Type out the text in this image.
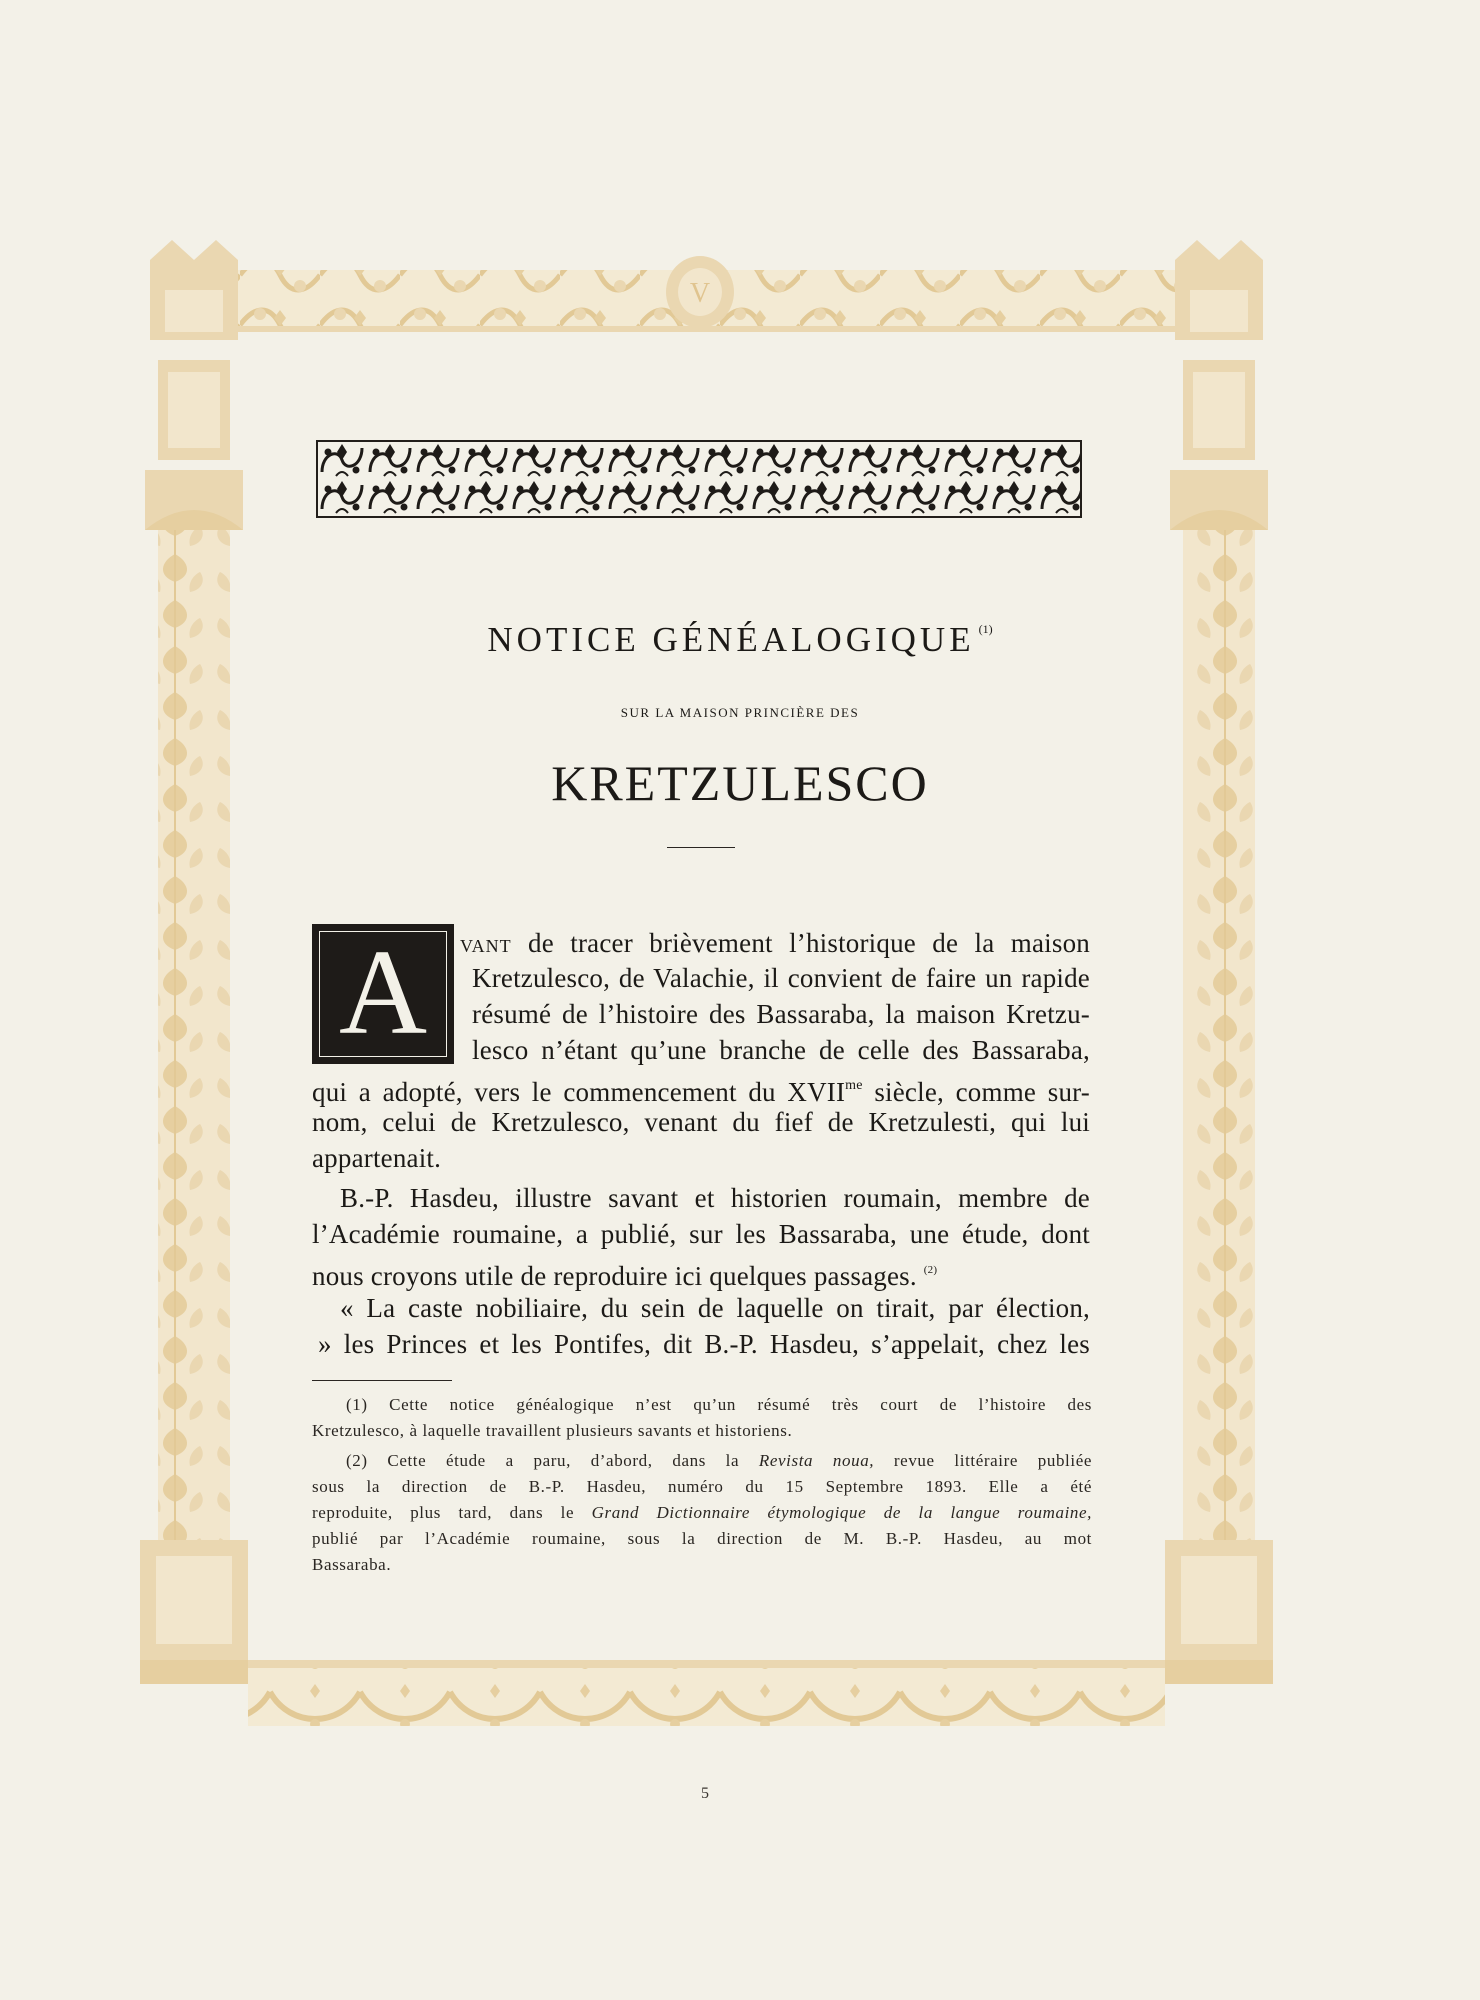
V
NOTICE GÉNÉALOGIQUE $^{(1)}$
SUR LA MAISON PRINCIÈRE DES
KRETZULESCO
A	VANT de tracer brièvement l’historique de la maison
Kretzulesco, de Valachie, il convient de faire un rapide
résumé de l’histoire des Bassaraba, la maison Kretzu-
lesco n’étant qu’une branche de celle des Bassaraba,
qui a adopté, vers le commencement du $XVII^{me}$ siècle, comme sur-
nom, celui de Kretzulesco, venant du fief de Kretzulesti, qui lui
appartenait.
B.-P. Hasdeu, illustre savant et historien roumain, membre de
l’Académie roumaine, a publié, sur les Bassaraba, une étude, dont
nous croyons utile de reproduire ici quelques passages. $^{(2)}$
« La caste nobiliaire, du sein de laquelle on tirait, par élection,
» les Princes et les Pontifes, dit B.-P. Hasdeu, s’appelait, chez les
(1) Cette notice généalogique n’est qu’un résumé très court de l’histoire des
Kretzulesco, à laquelle travaillent plusieurs savants et historiens.
(2) Cette étude a paru, d’abord, dans la Revista noua, revue littéraire publiée
sous la direction de B.-P. Hasdeu, numéro du 15 Septembre 1893. Elle a été
reproduite, plus tard, dans le Grand Dictionnaire étymologique de la langue roumaine,
publié par l’Académie roumaine, sous la direction de M. B.-P. Hasdeu, au mot
Bassaraba.
5
